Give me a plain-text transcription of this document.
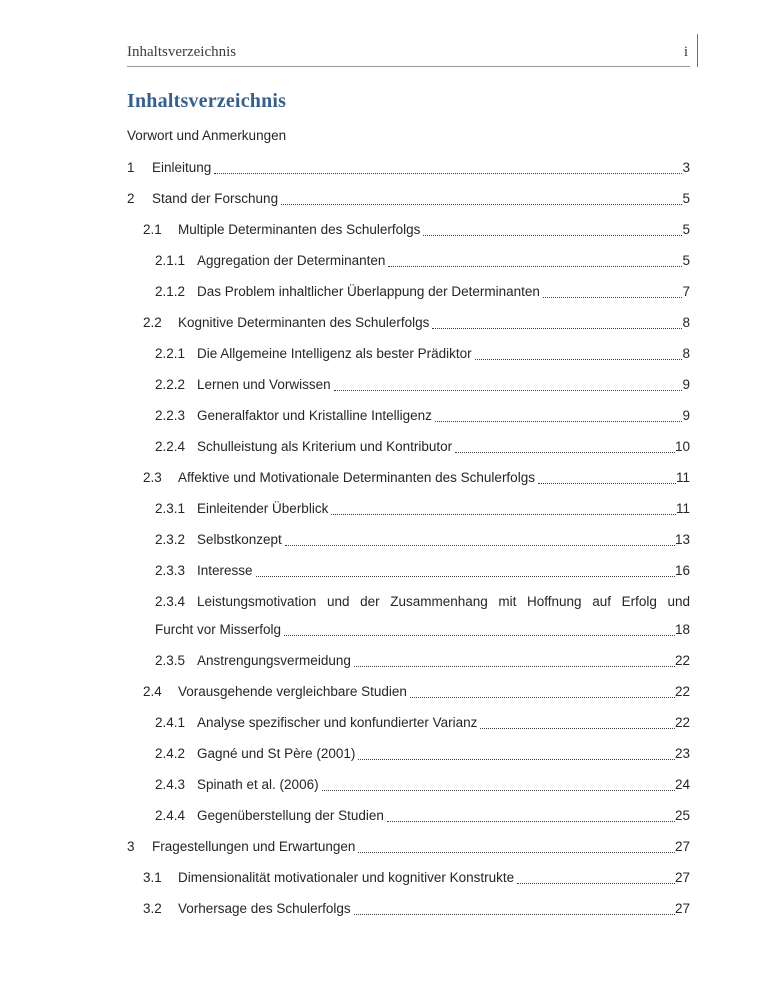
Inhaltsverzeichnis	i
Inhaltsverzeichnis
Vorwort und Anmerkungen
1	Einleitung	3
2	Stand der Forschung	5
2.1	Multiple Determinanten des Schulerfolgs	5
2.1.1 Aggregation der Determinanten	5
2.1.2 Das Problem inhaltlicher Überlappung der Determinanten	7
2.2	Kognitive Determinanten des Schulerfolgs	8
2.2.1 Die Allgemeine Intelligenz als bester Prädiktor	8
2.2.2 Lernen und Vorwissen	9
2.2.3 Generalfaktor und Kristalline Intelligenz	9
2.2.4 Schulleistung als Kriterium und Kontributor	10
2.3	Affektive und Motivationale Determinanten des Schulerfolgs	11
2.3.1 Einleitender Überblick	11
2.3.2 Selbstkonzept	13
2.3.3 Interesse	16
2.3.4 Leistungsmotivation und der Zusammenhang mit Hoffnung auf Erfolg und
Furcht vor Misserfolg	18
2.3.5 Anstrengungsvermeidung	22
2.4	Vorausgehende vergleichbare Studien	22
2.4.1 Analyse spezifischer und konfundierter Varianz	22
2.4.2 Gagné und St Père (2001)	23
2.4.3 Spinath et al. (2006)	24
2.4.4 Gegenüberstellung der Studien	25
3	Fragestellungen und Erwartungen	27
3.1	Dimensionalität motivationaler und kognitiver Konstrukte	27
3.2	Vorhersage des Schulerfolgs	27
